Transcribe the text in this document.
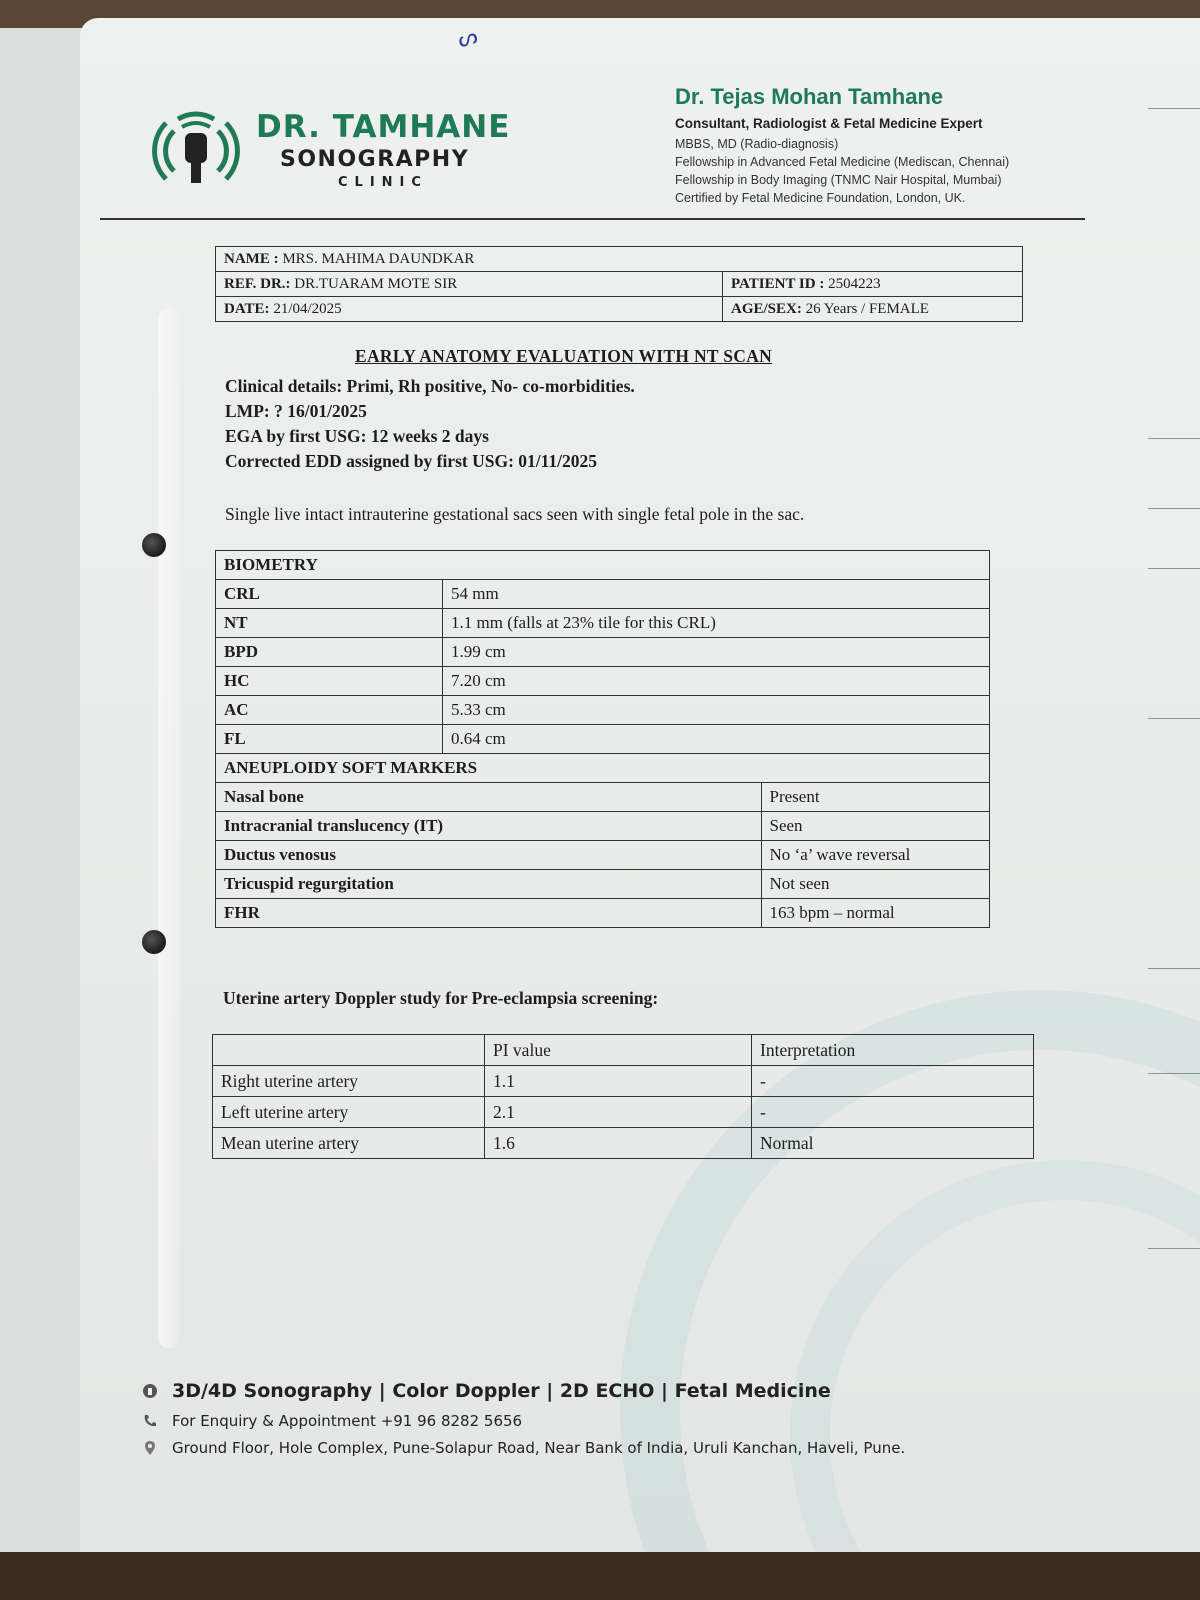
ᔕ
DR. TAMHANE
SONOGRAPHY
CLINIC
Dr. Tejas Mohan Tamhane
Consultant, Radiologist & Fetal Medicine Expert
MBBS, MD (Radio-diagnosis)
Fellowship in Advanced Fetal Medicine (Mediscan, Chennai)
Fellowship in Body Imaging (TNMC Nair Hospital, Mumbai)
Certified by Fetal Medicine Foundation, London, UK.
NAME : MRS. MAHIMA DAUNDKAR	
REF. DR.: DR.TUARAM MOTE SIR	PATIENT ID : 2504223
DATE: 21/04/2025	AGE/SEX: 26 Years / FEMALE
EARLY ANATOMY EVALUATION WITH NT SCAN
Clinical details: Primi, Rh positive, No- co-morbidities.
LMP: ? 16/01/2025
EGA by first USG: 12 weeks 2 days
Corrected EDD assigned by first USG: 01/11/2025
Single live intact intrauterine gestational sacs seen with single fetal pole in the sac.
BIOMETRY		
CRL	54 mm	
NT	1.1 mm (falls at 23% tile for this CRL)	
BPD	1.99 cm	
HC	7.20 cm	
AC	5.33 cm	
FL	0.64 cm	
ANEUPLOIDY SOFT MARKERS		
Nasal bone		Present
Intracranial translucency (IT)		Seen
Ductus venosus		No ‘a’ wave reversal
Tricuspid regurgitation		Not seen
FHR		163 bpm – normal
Uterine artery Doppler study for Pre-eclampsia screening:
	PI value	Interpretation
Right uterine artery	1.1	-
Left uterine artery	2.1	-
Mean uterine artery	1.6	Normal
3D/4D Sonography | Color Doppler | 2D ECHO | Fetal Medicine
For Enquiry & Appointment +91 96 8282 5656
Ground Floor, Hole Complex, Pune-Solapur Road, Near Bank of India, Uruli Kanchan, Haveli, Pune.
